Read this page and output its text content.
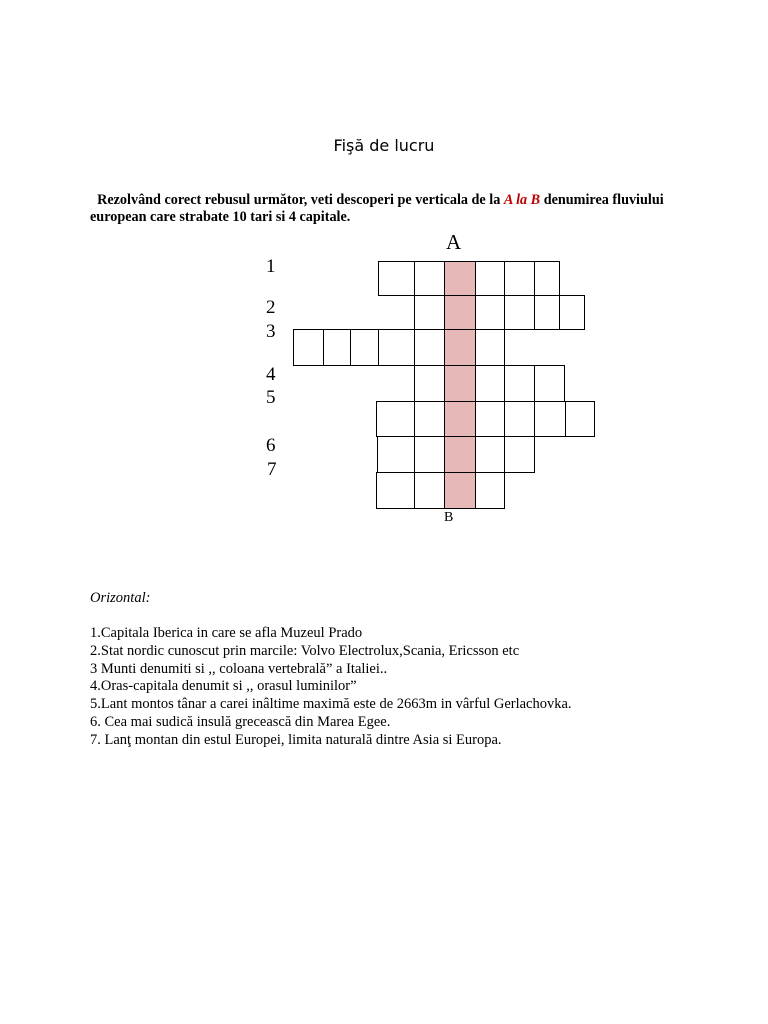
Fişă de lucru
Rezolvând corect rebusul următor, veti descoperi pe verticala de la A la B denumirea fluviului european care strabate 10 tari si 4 capitale.
A
B
1
2
3
4
5
6
7
Orizontal:
1.Capitala Iberica in care se afla Muzeul Prado
2.Stat nordic cunoscut prin marcile: Volvo Electrolux,Scania, Ericsson etc
3 Munti denumiti si ,, coloana vertebrală” a Italiei..
4.Oras-capitala denumit si ,, orasul luminilor”
5.Lant montos tânar a carei inâltime maximă este de 2663m in vârful Gerlachovka.
6. Cea mai sudică insulă grecească din Marea Egee.
7. Lanţ montan din estul Europei, limita naturală dintre Asia si Europa.
